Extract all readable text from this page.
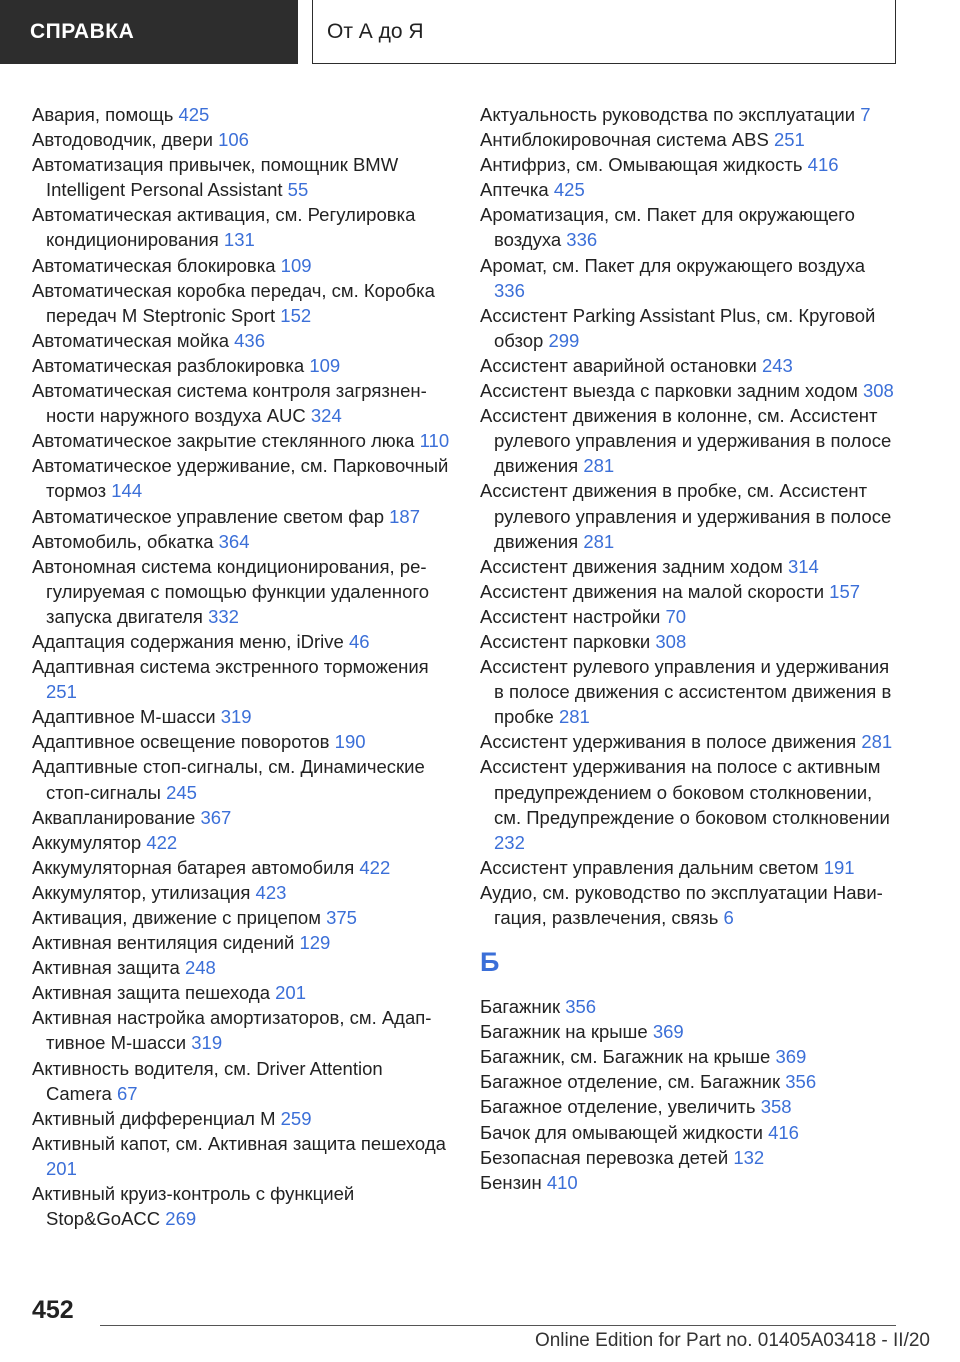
СПРАВКА	От А до Я
Авария, помощь 425
Автодоводчик, двери 106
Автоматизация привычек, помощник BMW Intelligent Personal Assistant 55
Автоматическая активация, см. Регулировка кондиционирования 131
Автоматическая блокировка 109
Автоматическая коробка передач, см. Коробка передач M Steptronic Sport 152
Автоматическая мойка 436
Автоматическая разблокировка 109
Автоматическая система контроля загрязненности наружного воздуха AUC 324
Автоматическое закрытие стеклянного люка 110
Автоматическое удерживание, см. Парковочный тормоз 144
Автоматическое управление светом фар 187
Автомобиль, обкатка 364
Автономная система кондиционирования, регулируемая с помощью функции удаленного запуска двигателя 332
Адаптация содержания меню, iDrive 46
Адаптивная система экстренного торможения 251
Адаптивное M-шасси 319
Адаптивное освещение поворотов 190
Адаптивные стоп-сигналы, см. Динамические стоп-сигналы 245
Аквапланирование 367
Аккумулятор 422
Аккумуляторная батарея автомобиля 422
Аккумулятор, утилизация 423
Активация, движение с прицепом 375
Активная вентиляция сидений 129
Активная защита 248
Активная защита пешехода 201
Активная настройка амортизаторов, см. Адаптивное M-шасси 319
Активность водителя, см. Driver Attention Camera 67
Активный дифференциал M 259
Активный капот, см. Активная защита пешехода 201
Активный круиз-контроль с функцией Stop&GoACC 269
Актуальность руководства по эксплуатации 7
Антиблокировочная система ABS 251
Антифриз, см. Омывающая жидкость 416
Аптечка 425
Ароматизация, см. Пакет для окружающего воздуха 336
Аромат, см. Пакет для окружающего воздуха 336
Ассистент Parking Assistant Plus, см. Круговой обзор 299
Ассистент аварийной остановки 243
Ассистент выезда с парковки задним ходом 308
Ассистент движения в колонне, см. Ассистент рулевого управления и удерживания в полосе движения 281
Ассистент движения в пробке, см. Ассистент рулевого управления и удерживания в полосе движения 281
Ассистент движения задним ходом 314
Ассистент движения на малой скорости 157
Ассистент настройки 70
Ассистент парковки 308
Ассистент рулевого управления и удерживания в полосе движения с ассистентом движения в пробке 281
Ассистент удерживания в полосе движения 281
Ассистент удерживания на полосе с активным предупреждением о боковом столкновении, см. Предупреждение о боковом столкновении 232
Ассистент управления дальним светом 191
Аудио, см. руководство по эксплуатации Навигация, развлечения, связь 6
Б
Багажник 356
Багажник на крыше 369
Багажник, см. Багажник на крыше 369
Багажное отделение, см. Багажник 356
Багажное отделение, увеличить 358
Бачок для омывающей жидкости 416
Безопасная перевозка детей 132
Бензин 410
452
Online Edition for Part no. 01405A03418 - II/20
